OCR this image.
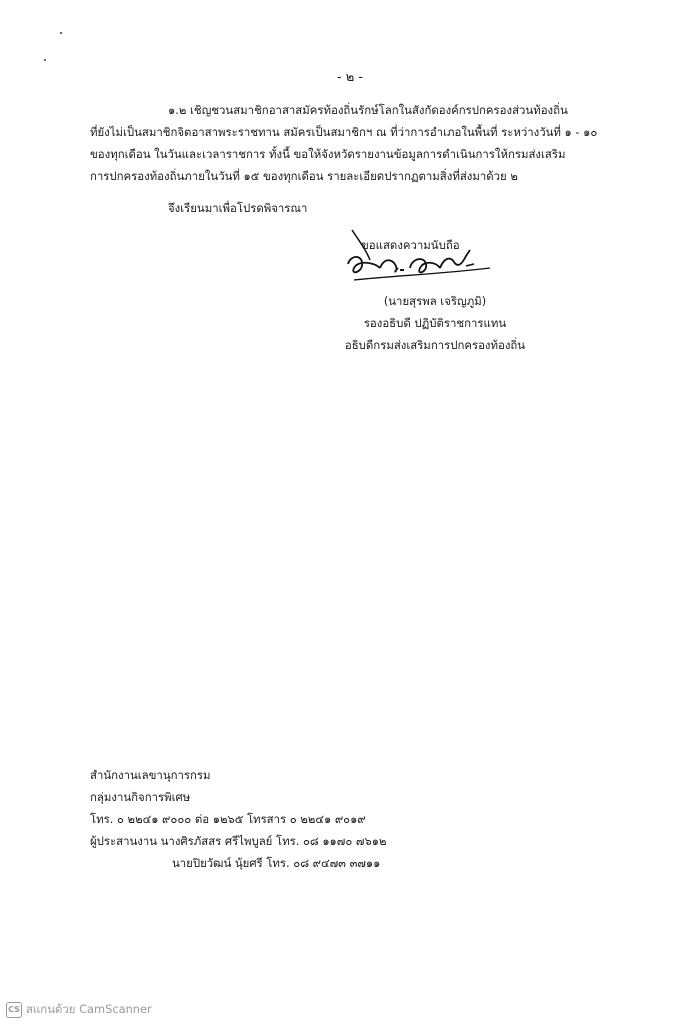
- ๒ -
๑.๒ เชิญชวนสมาชิกอาสาสมัครท้องถิ่นรักษ์โลกในสังกัดองค์กรปกครองส่วนท้องถิ่น
ที่ยังไม่เป็นสมาชิกจิตอาสาพระราชทาน สมัครเป็นสมาชิกฯ ณ ที่ว่าการอำเภอในพื้นที่ ระหว่างวันที่ ๑ - ๑๐
ของทุกเดือน ในวันและเวลาราชการ ทั้งนี้ ขอให้จังหวัดรายงานข้อมูลการดำเนินการให้กรมส่งเสริม
การปกครองท้องถิ่นภายในวันที่ ๑๕ ของทุกเดือน รายละเอียดปรากฏตามสิ่งที่ส่งมาด้วย ๒
จึงเรียนมาเพื่อโปรดพิจารณา
ขอแสดงความนับถือ
(นายสุรพล เจริญภูมิ)
รองอธิบดี ปฏิบัติราชการแทน
อธิบดีกรมส่งเสริมการปกครองท้องถิ่น
สำนักงานเลขานุการกรม
กลุ่มงานกิจการพิเศษ
โทร. ๐ ๒๒๔๑ ๙๐๐๐ ต่อ ๑๒๖๕ โทรสาร ๐ ๒๒๔๑ ๙๐๑๙
ผู้ประสานงาน นางศิรภัสสร ศรีไพบูลย์ โทร. ๐๘ ๑๑๗๐ ๗๖๑๒
นายปิยวัฒน์ นุ้ยศรี โทร. ๐๘ ๙๔๗๓ ๓๗๑๑
CS สแกนด้วย CamScanner
